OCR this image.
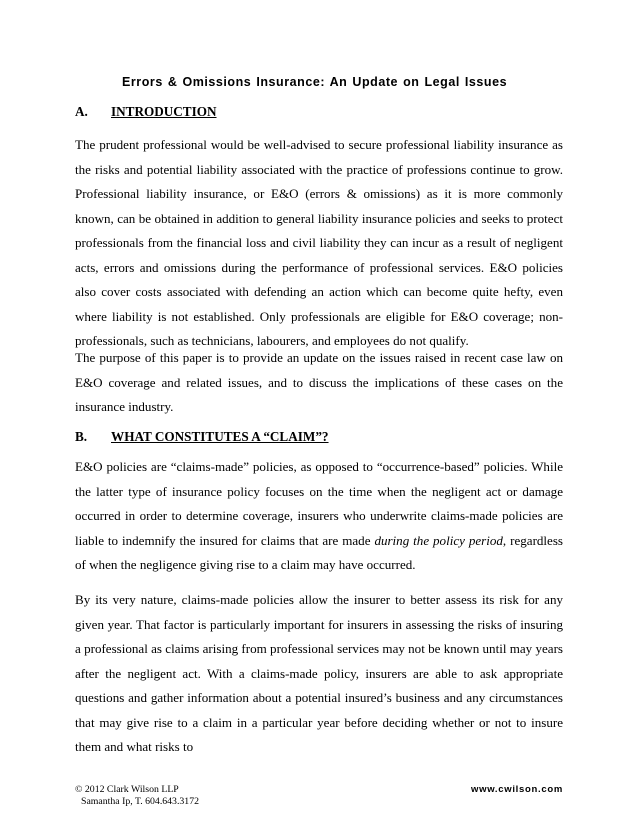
Errors & Omissions Insurance: An Update on Legal Issues
A. INTRODUCTION

The prudent professional would be well-advised to secure professional liability insurance as the risks and potential liability associated with the practice of professions continue to grow. Professional liability insurance, or E&O (errors & omissions) as it is more commonly known, can be obtained in addition to general liability insurance policies and seeks to protect professionals from the financial loss and civil liability they can incur as a result of negligent acts, errors and omissions during the performance of professional services. E&O policies also cover costs associated with defending an action which can become quite hefty, even where liability is not established. Only professionals are eligible for E&O coverage; non-professionals, such as technicians, labourers, and employees do not qualify.

The purpose of this paper is to provide an update on the issues raised in recent case law on E&O coverage and related issues, and to discuss the implications of these cases on the insurance industry.

B. WHAT CONSTITUTES A “CLAIM”?

E&O policies are “claims-made” policies, as opposed to “occurrence-based” policies. While the latter type of insurance policy focuses on the time when the negligent act or damage occurred in order to determine coverage, insurers who underwrite claims-made policies are liable to indemnify the insured for claims that are made during the policy period, regardless of when the negligence giving rise to a claim may have occurred.

By its very nature, claims-made policies allow the insurer to better assess its risk for any given year. That factor is particularly important for insurers in assessing the risks of insuring a professional as claims arising from professional services may not be known until may years after the negligent act. With a claims-made policy, insurers are able to ask appropriate questions and gather information about a potential insured’s business and any circumstances that may give rise to a claim in a particular year before deciding whether or not to insure them and what risks to

© 2012 Clark Wilson LLP
Samantha Ip, T. 604.643.3172
www.cwilson.com
